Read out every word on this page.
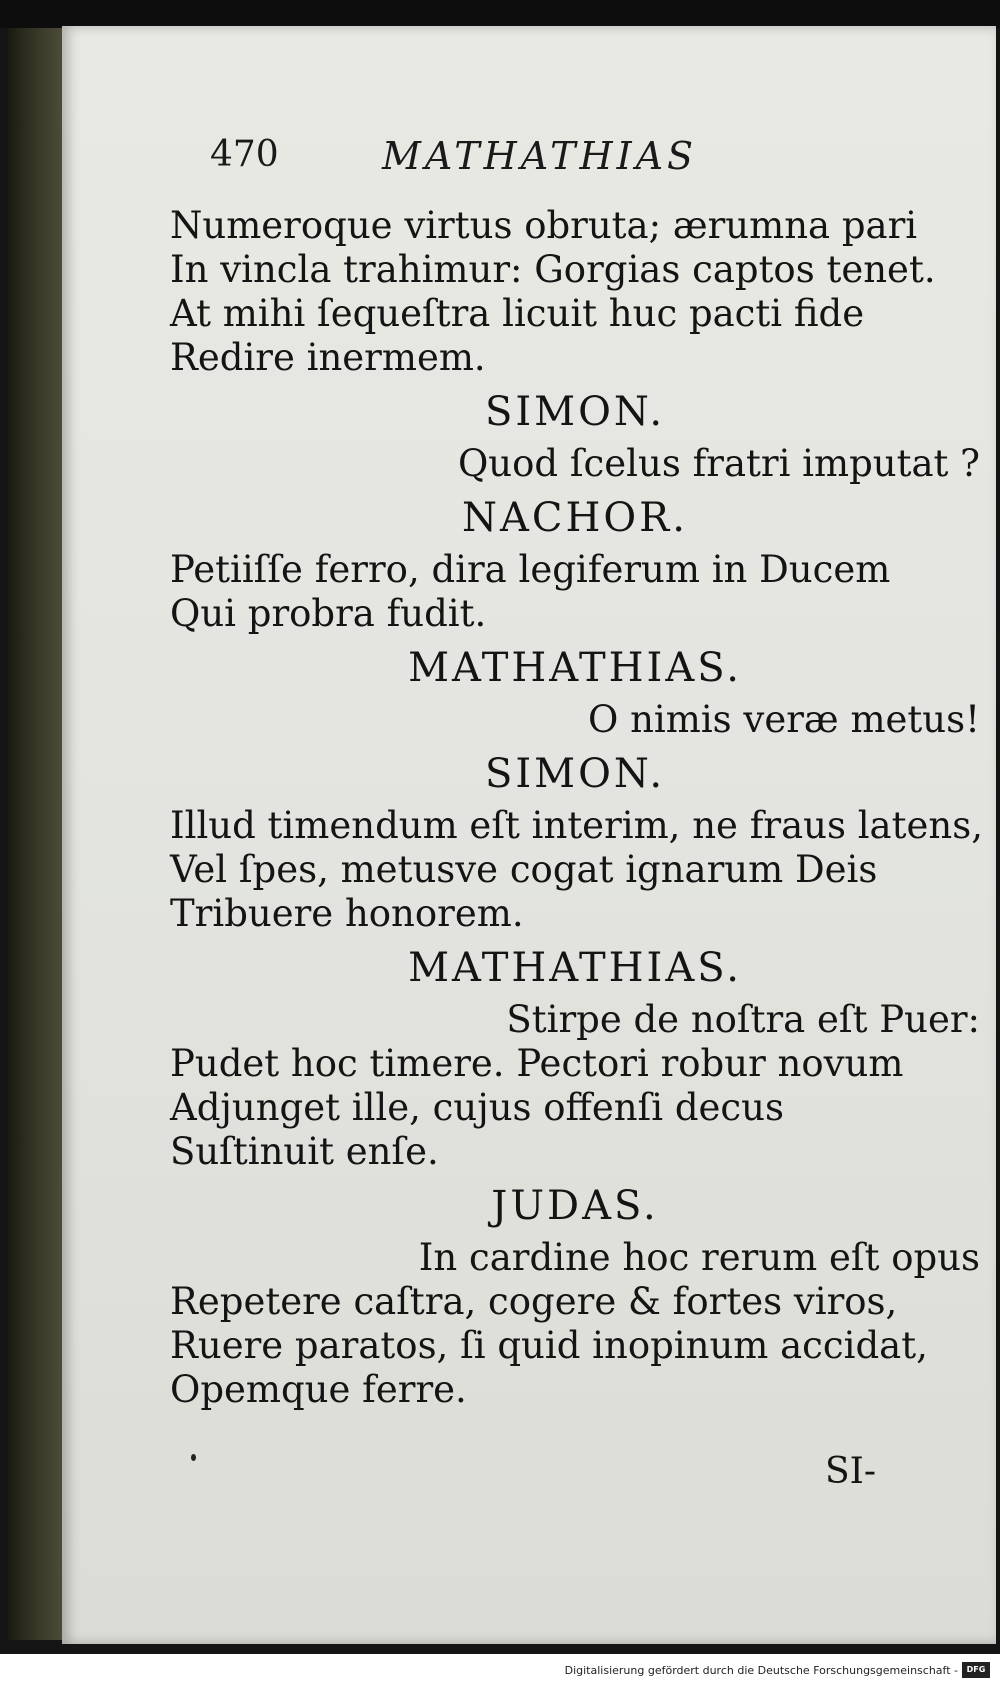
470	MATHATHIAS
Numeroque virtus obruta; ærumna pari
In vincla trahimur: Gorgias captos tenet.
At mihi ſequeſtra licuit huc pacti fide
Redire inermem.
SIMON.
Quod ſcelus fratri imputat ?
NACHOR.
Petiiſſe ferro, dira legiferum in Ducem
Qui probra fudit.
MATHATHIAS.
O nimis veræ metus!
SIMON.
Illud timendum eſt interim, ne fraus latens,
Vel ſpes, metusve cogat ignarum Deis
Tribuere honorem.
MATHATHIAS.
Stirpe de noſtra eſt Puer:
Pudet hoc timere. Pectori robur novum
Adjunget ille, cujus offenſi decus
Suſtinuit enſe.
JUDAS.
In cardine hoc rerum eſt opus
Repetere caſtra, cogere & fortes viros,
Ruere paratos, ſi quid inopinum accidat,
Opemque ferre.
SI-
Digitalisierung gefördert durch die Deutsche Forschungsgemeinschaft -	DFG
